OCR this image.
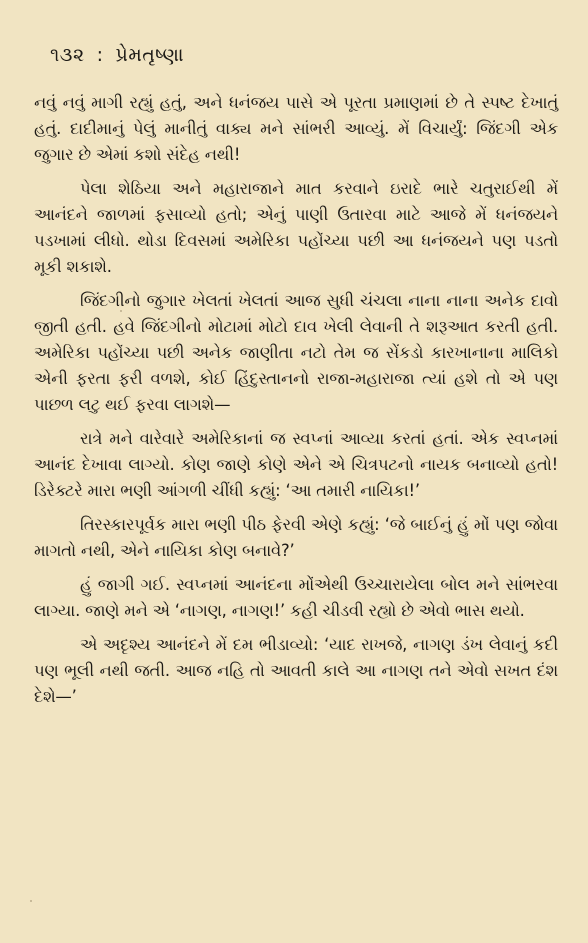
૧૩૨ : પ્રેમતૃષ્ણા

નવું નવું માગી રહ્યું હતું, અને ધનંજય પાસે એ પૂરતા પ્રમાણમાં છે તે સ્પષ્ટ દેખાતું હતું. દાદીમાનું પેલું માનીતું વાક્ય મને સાંભરી આવ્યું. મેં વિચાર્યું: જિંદગી એક જુગાર છે એમાં કશો સંદેહ નથી!

પેલા શેઠિયા અને મહારાજાને માત કરવાને ઇરાદે ભારે ચતુરાઈથી મેં આનંદને જાળમાં ફસાવ્યો હતો; એનું પાણી ઉતારવા માટે આજે મેં ધનંજયને પડખામાં લીધો. થોડા દિવસમાં અમેરિકા પહોંચ્યા પછી આ ધનંજયને પણ પડતો મૂકી શકાશે.

જિંદગીનો જુગાર ખેલતાં ખેલતાં આજ સુધી ચંચલા નાના નાના અનેક દાવો જીતી હતી. હવે જિંદગીનો મોટામાં મોટો દાવ ખેલી લેવાની તે શરૂઆત કરતી હતી. અમેરિકા પહોંચ્યા પછી અનેક જાણીતા નટો તેમ જ સેંકડો કારખાનાના માલિકો એની ફરતા ફરી વળશે, કોઈ હિંદુસ્તાનનો રાજા-મહારાજા ત્યાં હશે તો એ પણ પાછળ લટુ થઈ ફરવા લાગશે—

રાત્રે મને વારેવારે અમેરિકાનાં જ સ્વપ્નાં આવ્યા કરતાં હતાં. એક સ્વપ્નમાં આનંદ દેખાવા લાગ્યો. કોણ જાણે કોણે એને એ ચિત્રપટનો નાયક બનાવ્યો હતો! ડિરેક્ટરે મારા ભણી આંગળી ચીંધી કહ્યું: ‘આ તમારી નાયિકા!’

તિરસ્કારપૂર્વક મારા ભણી પીઠ ફેરવી એણે કહ્યું: ‘જે બાઈનું હું મોં પણ જોવા માગતો નથી, એને નાયિકા કોણ બનાવે?’

હું જાગી ગઈ. સ્વપ્નમાં આનંદના મોંએથી ઉચ્ચારાયેલા બોલ મને સાંભરવા લાગ્યા. જાણે મને એ ‘નાગણ, નાગણ!’ કહી ચીડવી રહ્યો છે એવો ભાસ થયો.

એ અદૃશ્ય આનંદને મેં દમ ભીડાવ્યો: ‘યાદ રાખજે, નાગણ ડંખ લેવાનું કદી પણ ભૂલી નથી જતી. આજ નહિ તો આવતી કાલે આ નાગણ તને એવો સખત દંશ દેશે—’
